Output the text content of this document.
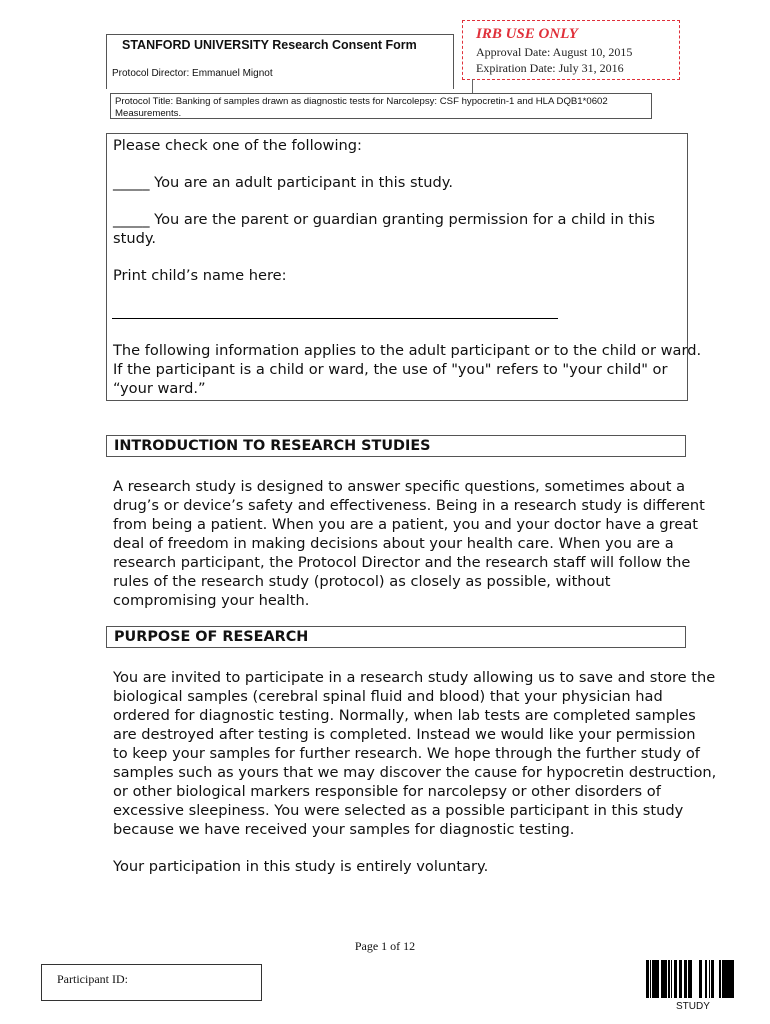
STANFORD UNIVERSITY Research Consent Form
Protocol Director: Emmanuel Mignot
IRB USE ONLY
Approval Date: August 10, 2015
Expiration Date: July 31, 2016
Protocol Title: Banking of samples drawn as diagnostic tests for Narcolepsy: CSF hypocretin-1 and HLA DQB1*0602
Measurements.
Please check one of the following:
_____ You are an adult participant in this study.
_____ You are the parent or guardian granting permission for a child in this
study.
Print child’s name here:
The following information applies to the adult participant or to the child or ward.
If the participant is a child or ward, the use of "you" refers to "your child" or
“your ward.”
INTRODUCTION TO RESEARCH STUDIES
A research study is designed to answer specific questions, sometimes about a
drug’s or device’s safety and effectiveness. Being in a research study is different
from being a patient. When you are a patient, you and your doctor have a great
deal of freedom in making decisions about your health care. When you are a
research participant, the Protocol Director and the research staff will follow the
rules of the research study (protocol) as closely as possible, without
compromising your health.
PURPOSE OF RESEARCH
You are invited to participate in a research study allowing us to save and store the
biological samples (cerebral spinal fluid and blood) that your physician had
ordered for diagnostic testing. Normally, when lab tests are completed samples
are destroyed after testing is completed. Instead we would like your permission
to keep your samples for further research. We hope through the further study of
samples such as yours that we may discover the cause for hypocretin destruction,
or other biological markers responsible for narcolepsy or other disorders of
excessive sleepiness. You were selected as a possible participant in this study
because we have received your samples for diagnostic testing.
Your participation in this study is entirely voluntary.
Page 1 of 12
Participant ID:
STUDY
